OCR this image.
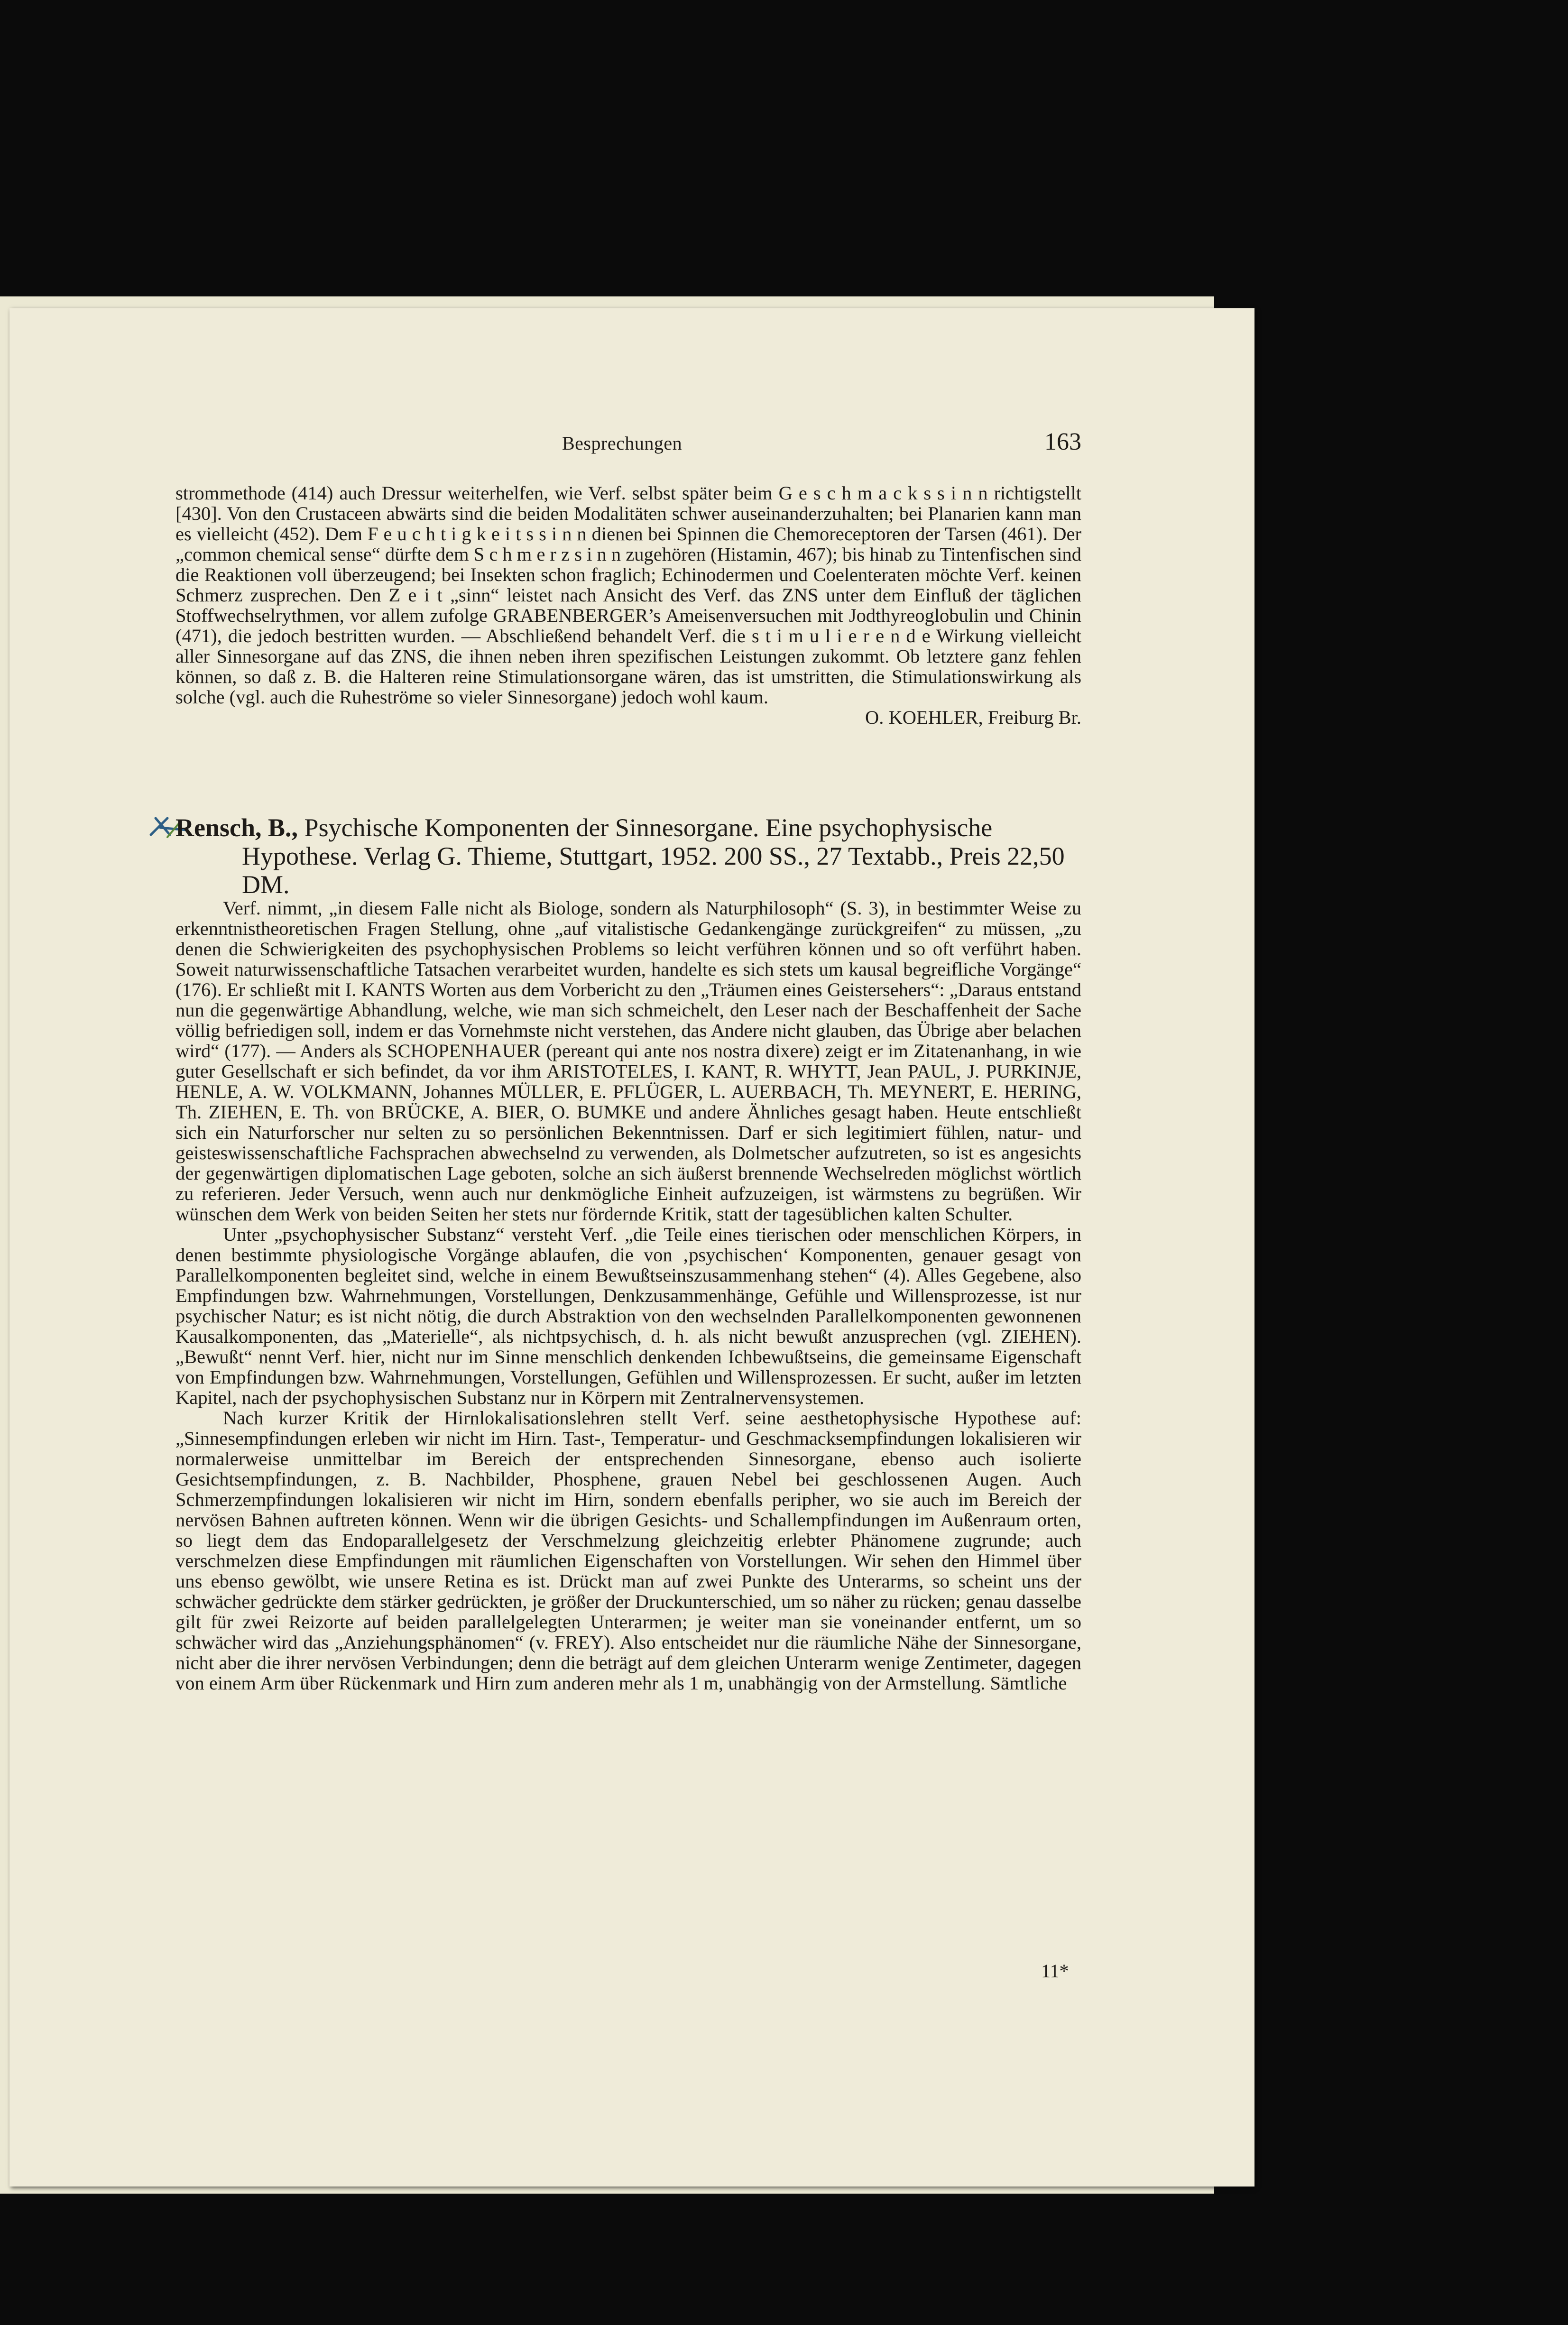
Besprechungen	163

strommethode (414) auch Dressur weiterhelfen, wie Verf. selbst später beim G e s c h m a c k s s i n n richtigstellt [430]. Von den Crustaceen abwärts sind die beiden Modalitäten schwer auseinanderzuhalten; bei Planarien kann man es vielleicht (452). Dem F e u c h t i g k e i t s s i n n dienen bei Spinnen die Chemoreceptoren der Tarsen (461). Der „common chemical sense“ dürfte dem S c h m e r z s i n n zugehören (Histamin, 467); bis hinab zu Tintenfischen sind die Reaktionen voll überzeugend; bei Insekten schon fraglich; Echinodermen und Coelenteraten möchte Verf. keinen Schmerz zusprechen. Den Z e i t „sinn“ leistet nach Ansicht des Verf. das ZNS unter dem Einfluß der täglichen Stoffwechselrythmen, vor allem zufolge GRABENBERGER’s Ameisenversuchen mit Jodthyreoglobulin und Chinin (471), die jedoch bestritten wurden. — Abschließend behandelt Verf. die s t i m u l i e r e n d e Wirkung vielleicht aller Sinnesorgane auf das ZNS, die ihnen neben ihren spezifischen Leistungen zukommt. Ob letztere ganz fehlen können, so daß z. B. die Halteren reine Stimulationsorgane wären, das ist umstritten, die Stimulationswirkung als solche (vgl. auch die Ruheströme so vieler Sinnesorgane) jedoch wohl kaum.

O. KOEHLER, Freiburg Br.

Rensch, B., Psychische Komponenten der Sinnesorgane. Eine psychophysische Hypothese. Verlag G. Thieme, Stuttgart, 1952. 200 SS., 27 Textabb., Preis 22,50 DM.

Verf. nimmt, „in diesem Falle nicht als Biologe, sondern als Naturphilosoph“ (S. 3), in bestimmter Weise zu erkenntnistheoretischen Fragen Stellung, ohne „auf vitalistische Gedankengänge zurückgreifen“ zu müssen, „zu denen die Schwierigkeiten des psychophysischen Problems so leicht verführen können und so oft verführt haben. Soweit naturwissenschaftliche Tatsachen verarbeitet wurden, handelte es sich stets um kausal begreifliche Vorgänge“ (176). Er schließt mit I. KANTS Worten aus dem Vorbericht zu den „Träumen eines Geistersehers“: „Daraus entstand nun die gegenwärtige Abhandlung, welche, wie man sich schmeichelt, den Leser nach der Beschaffenheit der Sache völlig befriedigen soll, indem er das Vornehmste nicht verstehen, das Andere nicht glauben, das Übrige aber belachen wird“ (177). — Anders als SCHOPENHAUER (pereant qui ante nos nostra dixere) zeigt er im Zitatenanhang, in wie guter Gesellschaft er sich befindet, da vor ihm ARISTOTELES, I. KANT, R. WHYTT, Jean PAUL, J. PURKINJE, HENLE, A. W. VOLKMANN, Johannes MÜLLER, E. PFLÜGER, L. AUERBACH, Th. MEYNERT, E. HERING, Th. ZIEHEN, E. Th. von BRÜCKE, A. BIER, O. BUMKE und andere Ähnliches gesagt haben. Heute entschließt sich ein Naturforscher nur selten zu so persönlichen Bekenntnissen. Darf er sich legitimiert fühlen, natur- und geisteswissenschaftliche Fachsprachen abwechselnd zu verwenden, als Dolmetscher aufzutreten, so ist es angesichts der gegenwärtigen diplomatischen Lage geboten, solche an sich äußerst brennende Wechselreden möglichst wörtlich zu referieren. Jeder Versuch, wenn auch nur denkmögliche Einheit aufzuzeigen, ist wärmstens zu begrüßen. Wir wünschen dem Werk von beiden Seiten her stets nur fördernde Kritik, statt der tagesüblichen kalten Schulter.

Unter „psychophysischer Substanz“ versteht Verf. „die Teile eines tierischen oder menschlichen Körpers, in denen bestimmte physiologische Vorgänge ablaufen, die von ‚psychischen‘ Komponenten, genauer gesagt von Parallelkomponenten begleitet sind, welche in einem Bewußtseinszusammenhang stehen“ (4). Alles Gegebene, also Empfindungen bzw. Wahrnehmungen, Vorstellungen, Denkzusammenhänge, Gefühle und Willensprozesse, ist nur psychischer Natur; es ist nicht nötig, die durch Abstraktion von den wechselnden Parallelkomponenten gewonnenen Kausalkomponenten, das „Materielle“, als nichtpsychisch, d. h. als nicht bewußt anzusprechen (vgl. ZIEHEN). „Bewußt“ nennt Verf. hier, nicht nur im Sinne menschlich denkenden Ichbewußtseins, die gemeinsame Eigenschaft von Empfindungen bzw. Wahrnehmungen, Vorstellungen, Gefühlen und Willensprozessen. Er sucht, außer im letzten Kapitel, nach der psychophysischen Substanz nur in Körpern mit Zentralnervensystemen.

Nach kurzer Kritik der Hirnlokalisationslehren stellt Verf. seine aesthetophysische Hypothese auf: „Sinnesempfindungen erleben wir nicht im Hirn. Tast-, Temperatur- und Geschmacksempfindungen lokalisieren wir normalerweise unmittelbar im Bereich der entsprechenden Sinnesorgane, ebenso auch isolierte Gesichtsempfindungen, z. B. Nachbilder, Phosphene, grauen Nebel bei geschlossenen Augen. Auch Schmerzempfindungen lokalisieren wir nicht im Hirn, sondern ebenfalls peripher, wo sie auch im Bereich der nervösen Bahnen auftreten können. Wenn wir die übrigen Gesichts- und Schallempfindungen im Außenraum orten, so liegt dem das Endoparallelgesetz der Verschmelzung gleichzeitig erlebter Phänomene zugrunde; auch verschmelzen diese Empfindungen mit räumlichen Eigenschaften von Vorstellungen. Wir sehen den Himmel über uns ebenso gewölbt, wie unsere Retina es ist. Drückt man auf zwei Punkte des Unterarms, so scheint uns der schwächer gedrückte dem stärker gedrückten, je größer der Druckunterschied, um so näher zu rücken; genau dasselbe gilt für zwei Reizorte auf beiden parallelgelegten Unterarmen; je weiter man sie voneinander entfernt, um so schwächer wird das „Anziehungsphänomen“ (v. FREY). Also entscheidet nur die räumliche Nähe der Sinnesorgane, nicht aber die ihrer nervösen Verbindungen; denn die beträgt auf dem gleichen Unterarm wenige Zentimeter, dagegen von einem Arm über Rückenmark und Hirn zum anderen mehr als 1 m, unabhängig von der Armstellung. Sämtliche

11*
